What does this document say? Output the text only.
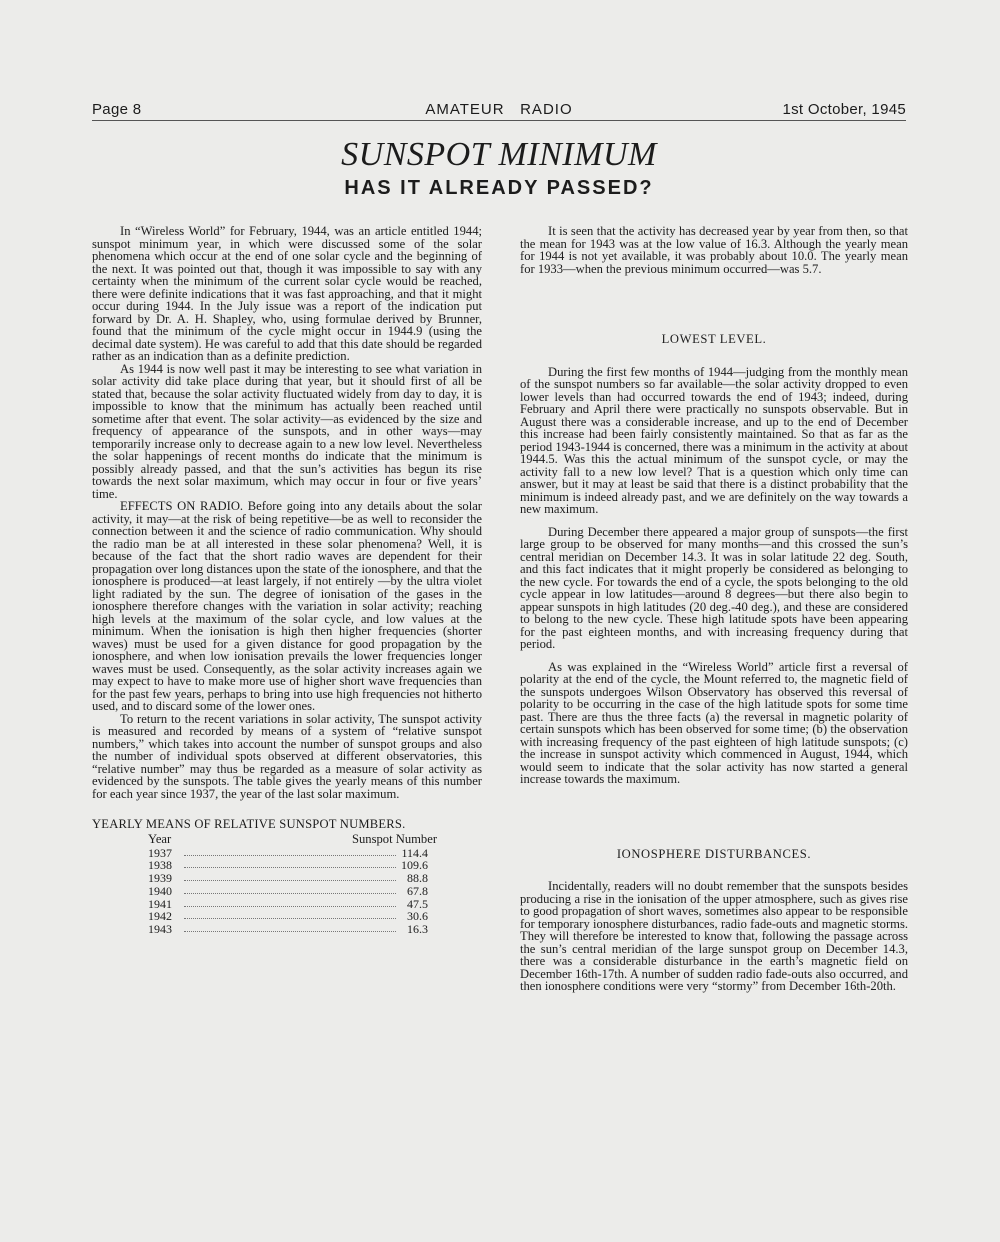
Page 8	AMATEUR   RADIO	1st October, 1945
SUNSPOT MINIMUM
HAS IT ALREADY PASSED?

In “Wireless World” for February, 1944, was an article entitled 1944; sunspot minimum year, in which were discussed some of the solar phenomena which occur at the end of one solar cycle and the beginning of the next. It was pointed out that, though it was impossible to say with any certainty when the minimum of the current solar cycle would be reached, there were definite indications that it was fast approaching, and that it might occur during 1944. In the July issue was a report of the indication put forward by Dr. A. H. Shapley, who, using formulae derived by Brunner, found that the minimum of the cycle might occur in 1944.9 (using the decimal date system). He was careful to add that this date should be regarded rather as an indication than as a definite prediction.

As 1944 is now well past it may be interesting to see what variation in solar activity did take place during that year, but it should first of all be stated that, because the solar activity fluctuated widely from day to day, it is impossible to know that the minimum has actually been reached until sometime after that event. The solar activity—as evidenced by the size and frequency of appearance of the sunspots, and in other ways—may temporarily increase only to decrease again to a new low level. Nevertheless the solar happenings of recent months do indicate that the minimum is possibly already passed, and that the sun’s activities has begun its rise towards the next solar maximum, which may occur in four or five years’ time.

EFFECTS ON RADIO. Before going into any details about the solar activity, it may—at the risk of being repetitive—be as well to reconsider the connection between it and the science of radio communication. Why should the radio man be at all interested in these solar phenomena? Well, it is because of the fact that the short radio waves are dependent for their propagation over long distances upon the state of the ionosphere, and that the ionosphere is produced—at least largely, if not entirely —by the ultra violet light radiated by the sun. The degree of ionisation of the gases in the ionosphere therefore changes with the variation in solar activity; reaching high levels at the maximum of the solar cycle, and low values at the minimum. When the ionisation is high then higher frequencies (shorter waves) must be used for a given distance for good propagation by the ionosphere, and when low ionisation prevails the lower frequencies longer waves must be used. Consequently, as the solar activity increases again we may expect to have to make more use of higher short wave frequencies than for the past few years, perhaps to bring into use high frequencies not hitherto used, and to discard some of the lower ones.

To return to the recent variations in solar activity, The sunspot activity is measured and recorded by means of a system of “relative sunspot numbers,” which takes into account the number of sunspot groups and also the number of individual spots observed at different observatories, this “relative number” may thus be regarded as a measure of solar activity as evidenced by the sunspots. The table gives the yearly means of this number for each year since 1937, the year of the last solar maximum.

YEARLY MEANS OF RELATIVE SUNSPOT NUMBERS.
Year	Sunspot Number
1937	114.4
1938	109.6
1939	88.8
1940	67.8
1941	47.5
1942	30.6
1943	16.3

It is seen that the activity has decreased year by year from then, so that the mean for 1943 was at the low value of 16.3. Although the yearly mean for 1944 is not yet available, it was probably about 10.0. The yearly mean for 1933—when the previous minimum occurred—was 5.7.

LOWEST LEVEL.

During the first few months of 1944—judging from the monthly mean of the sunspot numbers so far available—the solar activity dropped to even lower levels than had occurred towards the end of 1943; indeed, during February and April there were practically no sunspots observable. But in August there was a considerable increase, and up to the end of December this increase had been fairly consistently maintained. So that as far as the period 1943-1944 is concerned, there was a minimum in the activity at about 1944.5. Was this the actual minimum of the sunspot cycle, or may the activity fall to a new low level? That is a question which only time can answer, but it may at least be said that there is a distinct probability that the minimum is indeed already past, and we are definitely on the way towards a new maximum.

During December there appeared a major group of sunspots—the first large group to be observed for many months—and this crossed the sun’s central meridian on December 14.3. It was in solar latitude 22 deg. South, and this fact indicates that it might properly be considered as belonging to the new cycle. For towards the end of a cycle, the spots belonging to the old cycle appear in low latitudes—around 8 degrees—but there also begin to appear sunspots in high latitudes (20 deg.-40 deg.), and these are considered to belong to the new cycle. These high latitude spots have been appearing for the past eighteen months, and with increasing frequency during that period.

As was explained in the “Wireless World” article first a reversal of polarity at the end of the cycle, the Mount referred to, the magnetic field of the sunspots undergoes Wilson Observatory has observed this reversal of polarity to be occurring in the case of the high latitude spots for some time past. There are thus the three facts (a) the reversal in magnetic polarity of certain sunspots which has been observed for some time; (b) the observation with increasing frequency of the past eighteen of high latitude sunspots; (c) the increase in sunspot activity which commenced in August, 1944, which would seem to indicate that the solar activity has now started a general increase towards the maximum.

IONOSPHERE DISTURBANCES.

Incidentally, readers will no doubt remember that the sunspots besides producing a rise in the ionisation of the upper atmosphere, such as gives rise to good propagation of short waves, sometimes also appear to be responsible for temporary ionosphere disturbances, radio fade-outs and magnetic storms. They will therefore be interested to know that, following the passage across the sun’s central meridian of the large sunspot group on December 14.3, there was a considerable disturbance in the earth’s magnetic field on December 16th-17th. A number of sudden radio fade-outs also occurred, and then ionosphere conditions were very “stormy” from December 16th-20th.
